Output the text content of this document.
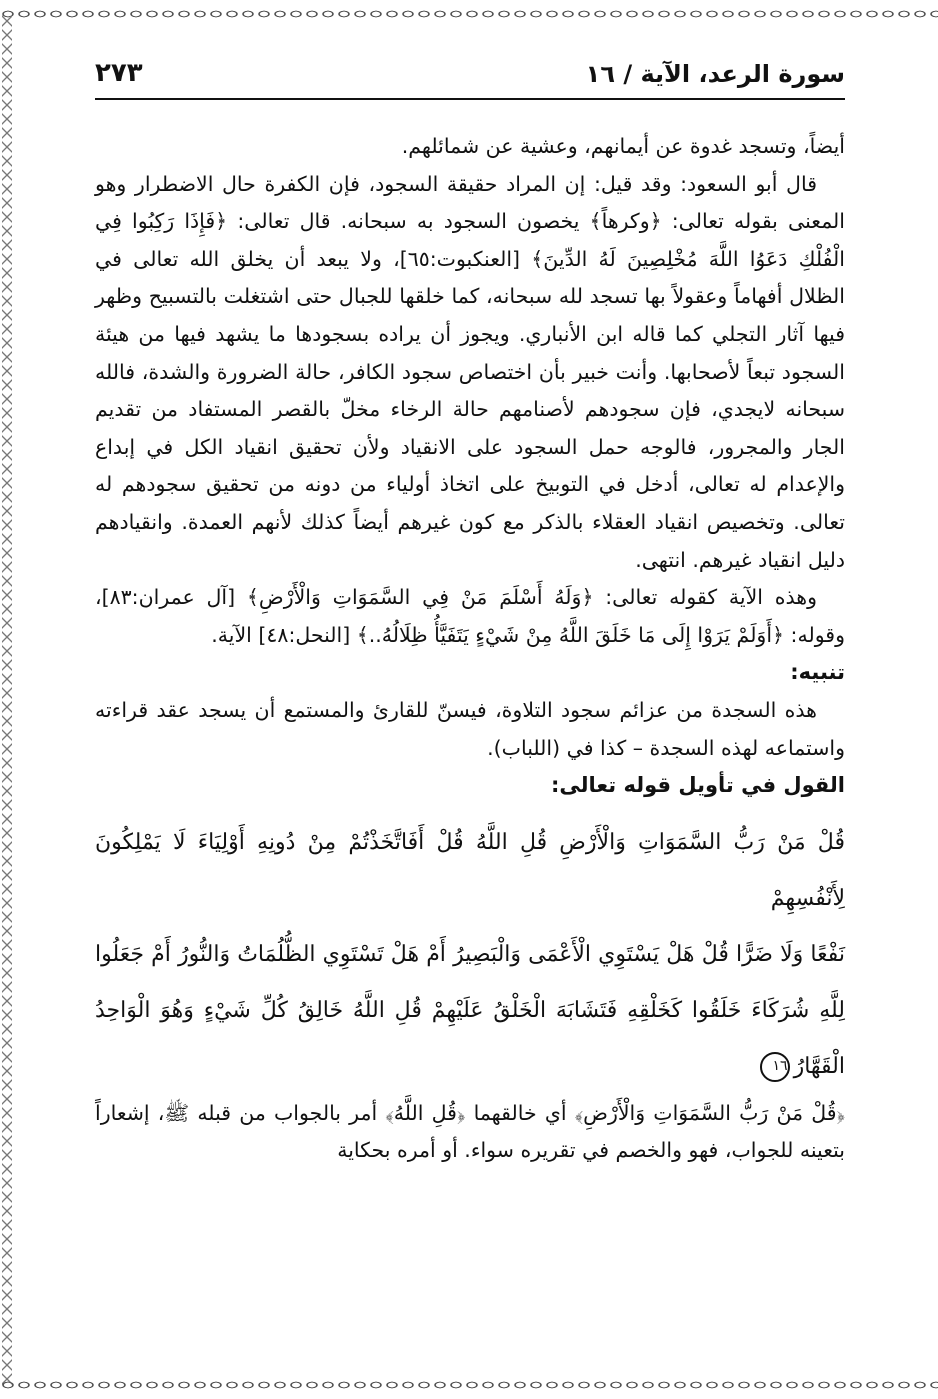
٢٧٣	سورة الرعد، الآية / ١٦

أيضاً، وتسجد غدوة عن أيمانهم، وعشية عن شمائلهم.

قال أبو السعود: وقد قيل: إن المراد حقيقة السجود، فإن الكفرة حال الاضطرار وهو المعنى بقوله تعالى: ﴿وكرهاً﴾ يخصون السجود به سبحانه. قال تعالى: ﴿فَإِذَا رَكِبُوا فِي الْفُلْكِ دَعَوُا اللَّهَ مُخْلِصِينَ لَهُ الدِّينَ﴾ [العنكبوت:٦٥]، ولا يبعد أن يخلق الله تعالى في الظلال أفهاماً وعقولاً بها تسجد لله سبحانه، كما خلقها للجبال حتى اشتغلت بالتسبيح وظهر فيها آثار التجلي كما قاله ابن الأنباري. ويجوز أن يراده بسجودها ما يشهد فيها من هيئة السجود تبعاً لأصحابها. وأنت خبير بأن اختصاص سجود الكافر، حالة الضرورة والشدة، فالله سبحانه لايجدي، فإن سجودهم لأصنامهم حالة الرخاء مخلّ بالقصر المستفاد من تقديم الجار والمجرور، فالوجه حمل السجود على الانقياد ولأن تحقيق انقياد الكل في إبداع والإعدام له تعالى، أدخل في التوبيخ على اتخاذ أولياء من دونه من تحقيق سجودهم له تعالى. وتخصيص انقياد العقلاء بالذكر مع كون غيرهم أيضاً كذلك لأنهم العمدة. وانقيادهم دليل انقياد غيرهم. انتهى.

وهذه الآية كقوله تعالى: ﴿وَلَهُ أَسْلَمَ مَنْ فِي السَّمَوَاتِ وَالْأَرْضِ﴾ [آل عمران:٨٣]، وقوله: ﴿أَوَلَمْ يَرَوْا إِلَى مَا خَلَقَ اللَّهُ مِنْ شَيْءٍ يَتَفَيَّأُ ظِلَالُهُ..﴾ [النحل:٤٨] الآية.

تنبيه:

هذه السجدة من عزائم سجود التلاوة، فيسنّ للقارئ والمستمع أن يسجد عقد قراءته واستماعه لهذه السجدة – كذا في (اللباب).

القول في تأويل قوله تعالى:

قُلْ مَنْ رَبُّ السَّمَوَاتِ وَالْأَرْضِ قُلِ اللَّهُ قُلْ أَفَاتَّخَذْتُمْ مِنْ دُونِهِ أَوْلِيَاءَ لَا يَمْلِكُونَ لِأَنْفُسِهِمْ
نَفْعًا وَلَا ضَرًّا قُلْ هَلْ يَسْتَوِي الْأَعْمَى وَالْبَصِيرُ أَمْ هَلْ تَسْتَوِي الظُّلُمَاتُ وَالنُّورُ أَمْ جَعَلُوا
لِلَّهِ شُرَكَاءَ خَلَقُوا كَخَلْقِهِ فَتَشَابَهَ الْخَلْقُ عَلَيْهِمْ قُلِ اللَّهُ خَالِقُ كُلِّ شَيْءٍ وَهُوَ الْوَاحِدُ الْقَهَّارُ١٦

﴿قُلْ مَنْ رَبُّ السَّمَوَاتِ وَالْأَرْضِ﴾ أي خالقهما ﴿قُلِ اللَّهُ﴾ أمر بالجواب من قبله ﷺ، إشعاراً بتعينه للجواب، فهو والخصم في تقريره سواء. أو أمره بحكاية
